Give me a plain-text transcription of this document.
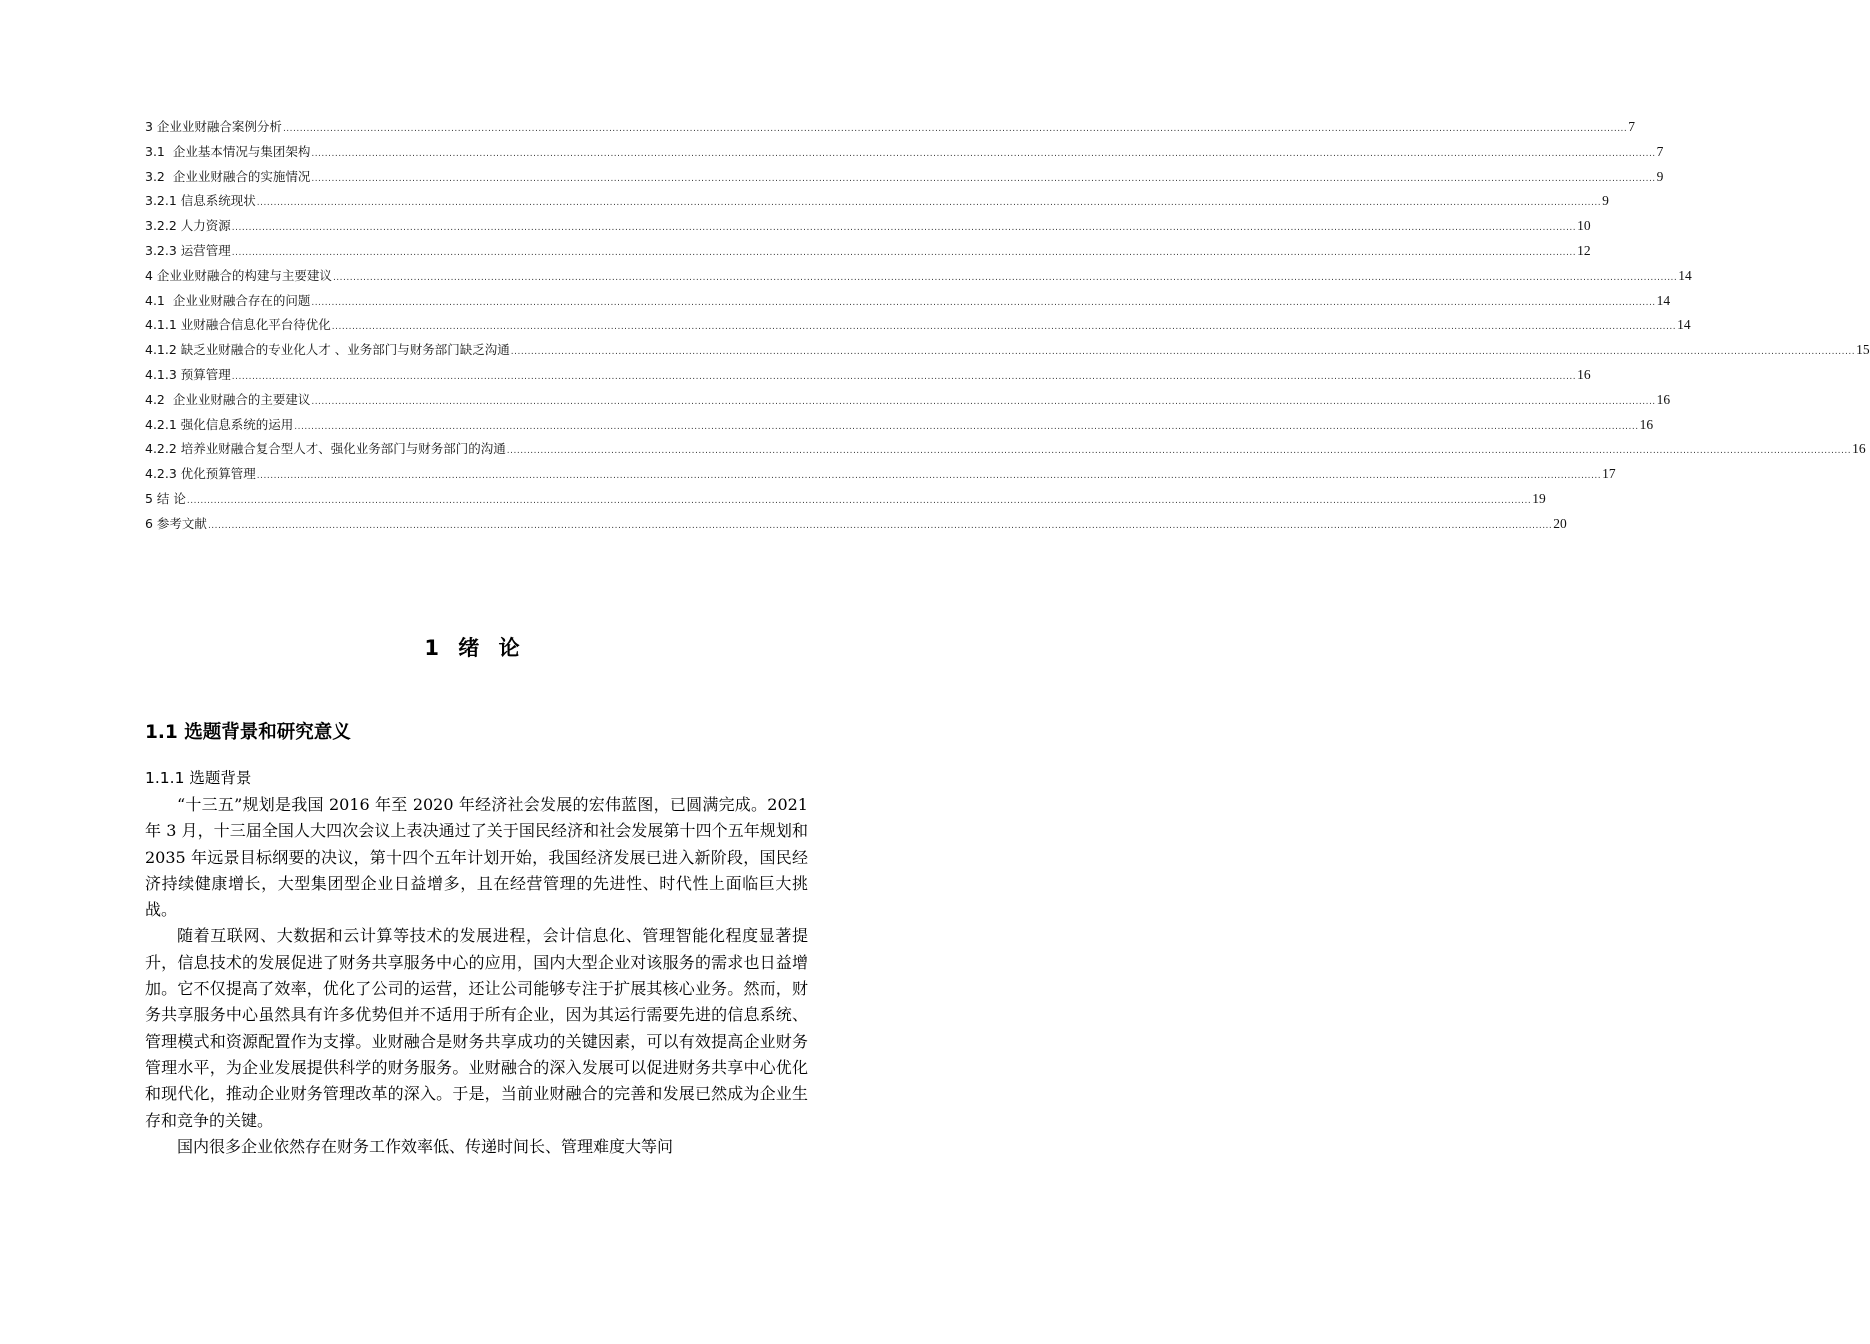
3 企业业财融合案例分析 ................................................................................................................................................................................................................................................................................................................................................................................................................ 7
3.1  企业基本情况与集团架构 ................................................................................................................................................................................................................................................................................................................................................................................................................ 7
3.2  企业业财融合的实施情况 ................................................................................................................................................................................................................................................................................................................................................................................................................ 9
3.2.1 信息系统现状 ................................................................................................................................................................................................................................................................................................................................................................................................................ 9
3.2.2 人力资源 ................................................................................................................................................................................................................................................................................................................................................................................................................ 10
3.2.3 运营管理 ................................................................................................................................................................................................................................................................................................................................................................................................................ 12
4 企业业财融合的构建与主要建议 ................................................................................................................................................................................................................................................................................................................................................................................................................ 14
4.1  企业业财融合存在的问题 ................................................................................................................................................................................................................................................................................................................................................................................................................ 14
4.1.1 业财融合信息化平台待优化 ................................................................................................................................................................................................................................................................................................................................................................................................................ 14
4.1.2 缺乏业财融合的专业化人才 、业务部门与财务部门缺乏沟通 ................................................................................................................................................................................................................................................................................................................................................................................................................ 15
4.1.3 预算管理 ................................................................................................................................................................................................................................................................................................................................................................................................................ 16
4.2  企业业财融合的主要建议 ................................................................................................................................................................................................................................................................................................................................................................................................................ 16
4.2.1 强化信息系统的运用 ................................................................................................................................................................................................................................................................................................................................................................................................................ 16
4.2.2 培养业财融合复合型人才、强化业务部门与财务部门的沟通 ................................................................................................................................................................................................................................................................................................................................................................................................................ 16
4.2.3 优化预算管理 ................................................................................................................................................................................................................................................................................................................................................................................................................ 17
5 结 论 ................................................................................................................................................................................................................................................................................................................................................................................................................ 19
6 参考文献 ................................................................................................................................................................................................................................................................................................................................................................................................................ 20
1 绪 论
1.1 选题背景和研究意义
1.1.1 选题背景

“十三五”规划是我国 2016 年至 2020 年经济社会发展的宏伟蓝图，已圆满完成。2021 年 3 月，十三届全国人大四次会议上表决通过了关于国民经济和社会发展第十四个五年规划和 2035 年远景目标纲要的决议，第十四个五年计划开始，我国经济发展已进入新阶段，国民经济持续健康增长，大型集团型企业日益增多，且在经营管理的先进性、时代性上面临巨大挑战。

随着互联网、大数据和云计算等技术的发展进程，会计信息化、管理智能化程度显著提升，信息技术的发展促进了财务共享服务中心的应用，国内大型企业对该服务的需求也日益增加。它不仅提高了效率，优化了公司的运营，还让公司能够专注于扩展其核心业务。然而，财务共享服务中心虽然具有许多优势但并不适用于所有企业，因为其运行需要先进的信息系统、管理模式和资源配置作为支撑。业财融合是财务共享成功的关键因素，可以有效提高企业财务管理水平，为企业发展提供科学的财务服务。业财融合的深入发展可以促进财务共享中心优化和现代化，推动企业财务管理改革的深入。于是，当前业财融合的完善和发展已然成为企业生存和竞争的关键。

国内很多企业依然存在财务工作效率低、传递时间长、管理难度大等问
